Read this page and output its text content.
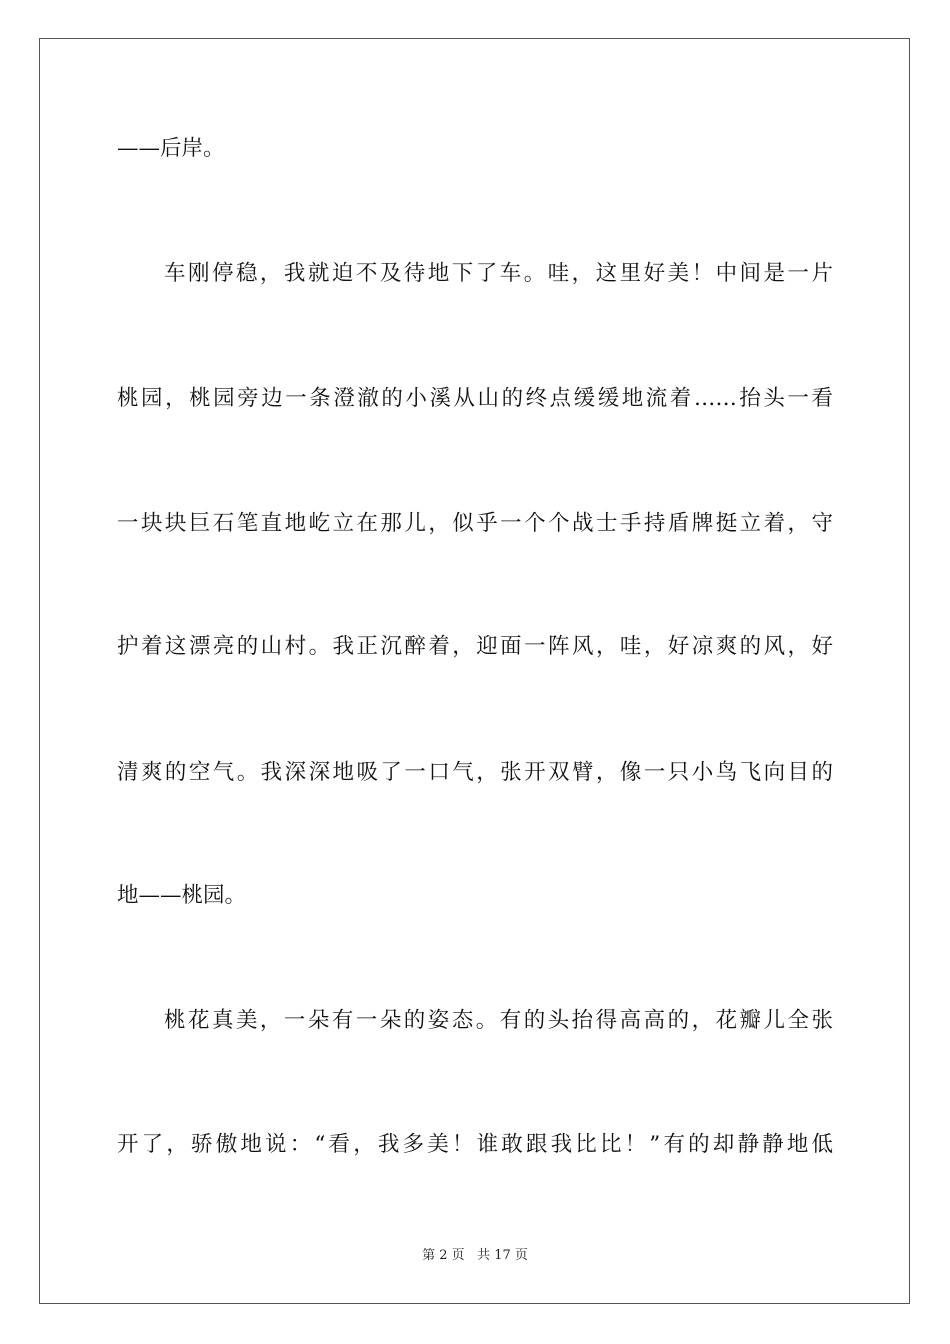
——后岸。
车刚停稳，我就迫不及待地下了车。哇，这里好美！中间是一片
桃园，桃园旁边一条澄澈的小溪从山的终点缓缓地流着……抬头一看
一块块巨石笔直地屹立在那儿，似乎一个个战士手持盾牌挺立着，守
护着这漂亮的山村。我正沉醉着，迎面一阵风，哇，好凉爽的风，好
清爽的空气。我深深地吸了一口气，张开双臂，像一只小鸟飞向目的
地——桃园。
桃花真美，一朵有一朵的姿态。有的头抬得高高的，花瓣儿全张
开了，骄傲地说：“看，我多美！谁敢跟我比比！”有的却静静地低
第 2 页   共 17 页
